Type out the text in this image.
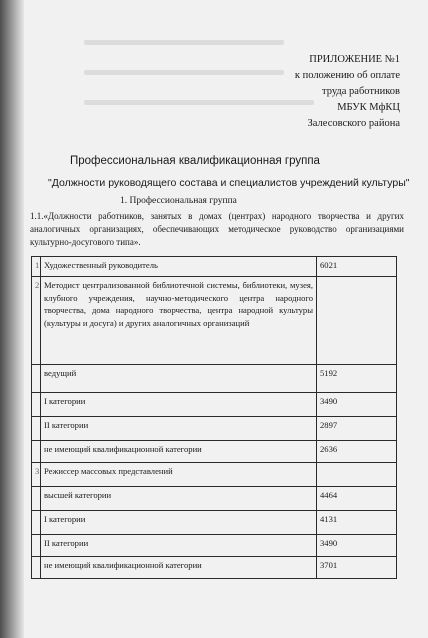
ПРИЛОЖЕНИЕ №1
к положению об оплате
труда работников
МБУК МфКЦ
Залесовского района
Профессиональная квалификационная группа
"Должности руководящего состава и специалистов учреждений культуры"
1. Профессиональная группа
1.1.«Должности работников, занятых в домах (центрах) народного творчества и других аналогичных организациях, обеспечивающих методическое руководство организациями культурно-досугового типа».
1	Художественный руководитель	6021
2	Методист централизованной библиотечной системы, библиотеки, музея, клубного учреждения, научно-методического центра народного творчества, дома народного творчества, центра народной культуры (культуры и досуга) и других аналогичных организаций	
	ведущий	5192
	I категории	3490
	II категории	2897
	не имеющий квалификационной категории	2636
3	Режиссер массовых представлений	
	высшей категории	4464
	I категории	4131
	II категории	3490
	не имеющий квалификационной категории	3701
